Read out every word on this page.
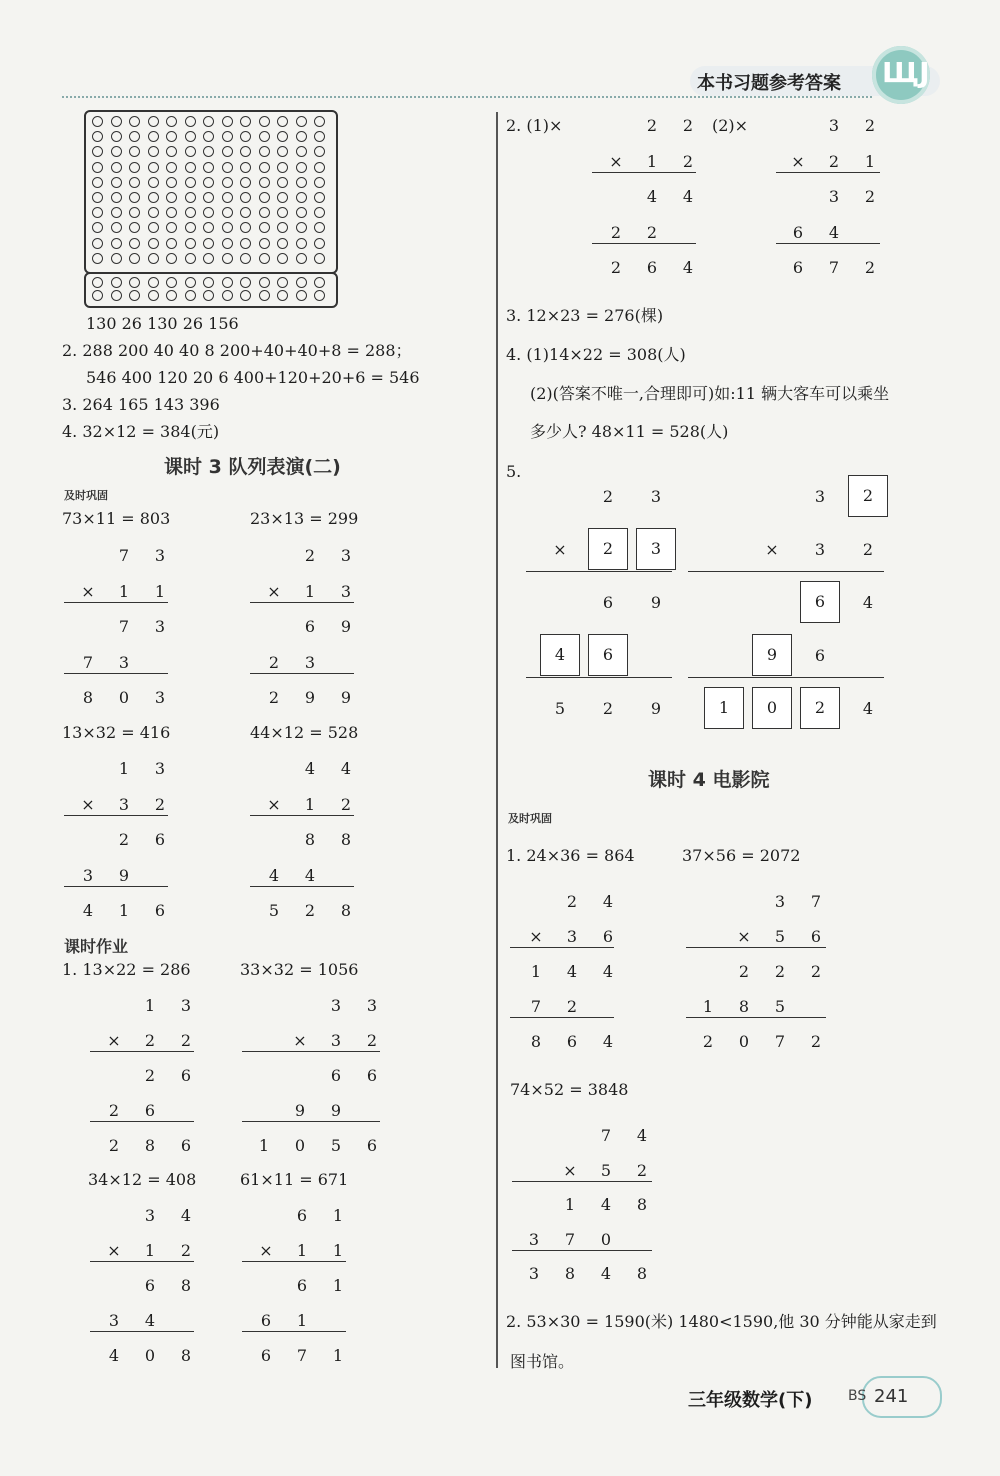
本书习题参考答案 ЩJ
130 26 130 26 156
2. 288 200 40 40 8 200+40+40+8 = 288；
546 400 120 20 6 400+120+20+6 = 546
3. 264 165 143 396
4. 32×12 = 384(元)
课时 3 队列表演(二)
及时巩固
73×11 = 803	23×13 = 299
13×32 = 416	44×12 = 528
课时作业
1. 13×22 = 286	33×32 = 1056
34×12 = 408	61×11 = 671
2. (1)×	(2)×
3. 12×23 = 276(棵)
4. (1)14×22 = 308(人)
(2)(答案不唯一,合理即可)如:11 辆大客车可以乘坐
多少人? 48×11 = 528(人)
5.
课时 4 电影院
及时巩固
1. 24×36 = 864	37×56 = 2072
74×52 = 3848
2. 53×30 = 1590(米) 1480<1590,他 30 分钟能从家走到
图书馆。
7	3
×	1	1
7	3
7	3
8	0	3
2	3
×	1	3
6	9
2	3
2	9	9
1	3
×	3	2
2	6
3	9
4	1	6
4	4
×	1	2
8	8
4	4
5	2	8
1	3
×	2	2
2	6
2	6
2	8	6
3	3
×	3	2
6	6
9	9
1	0	5	6
3	4
×	1	2
6	8
3	4
4	0	8
6	1
×	1	1
6	1
6	1
6	7	1
2	2
×	1	2
4	4
2	2
2	6	4
3	2
×	2	1
3	2
6	4
6	7	2
2	4
×	3	6
1	4	4
7	2
8	6	4
3	7
×	5	6
2	2	2
1	8	5
2	0	7	2
7	4
×	5	2
1	4	8
3	7	0
3	8	4	8
2	3
×	2	3
6	9
4	6
5	2	9
3	2
×	3	2
6	4
9	6
1	0	2	4
三年级数学(下)	BS 241
